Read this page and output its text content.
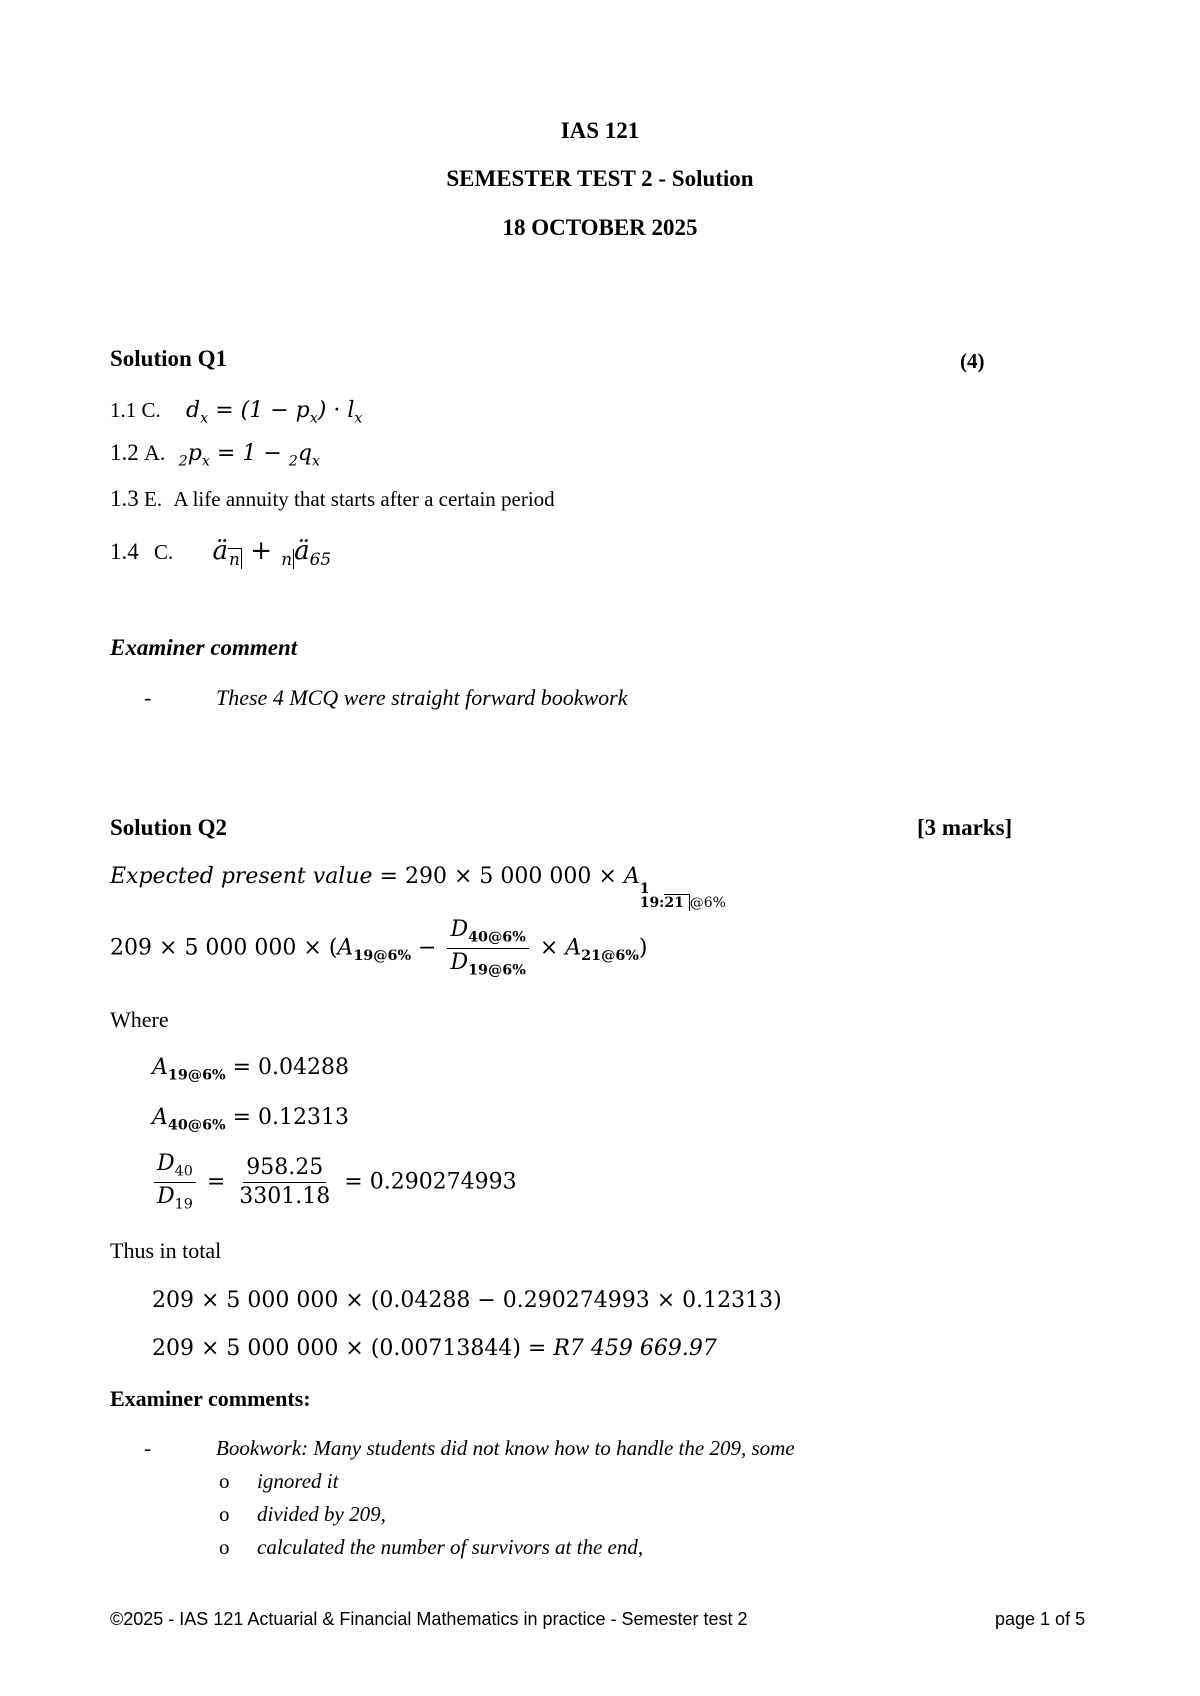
IAS 121
SEMESTER TEST 2 - Solution
18 OCTOBER 2025
Solution Q1	(4)
1.1 C. $d_x = (1 - p_x) \cdot l_x$
1.2 A. $_2p_x = 1 - _2q_x$
1.3 E. A life annuity that starts after a certain period
1.4 C. $ä_n$ + $_nä_{65}$
Examiner comment
-	These 4 MCQ were straight forward bookwork
Solution Q2	[3 marks]
Expected present value = 290 × 5 000 000 × A 1
19:21 @6%
209 × 5 000 $000 \times (A_{19@6\%} - \frac{D_{40@6\%}}{D_{19@6\%}} \times A_{21@6\%})$
Where
$A_{19@6\%} = 0.04288$
$A_{40@6\%} = 0.12313$
$\frac{D_{40}}{D_{19}} = \frac{958.25}{3301.18} = 0.290274993$
Thus in total
209 × 5 000 000 × (0.04288 − 0.290274993 × 0.12313)
209 × 5 000 000 × (0.00713844) = R7 459 669.97
Examiner comments:
-	Bookwork: Many students did not know how to handle the 209, some
o ignored it
o divided by 209,
o calculated the number of survivors at the end,
©2025 - IAS 121 Actuarial & Financial Mathematics in practice - Semester test 2	page 1 of 5
